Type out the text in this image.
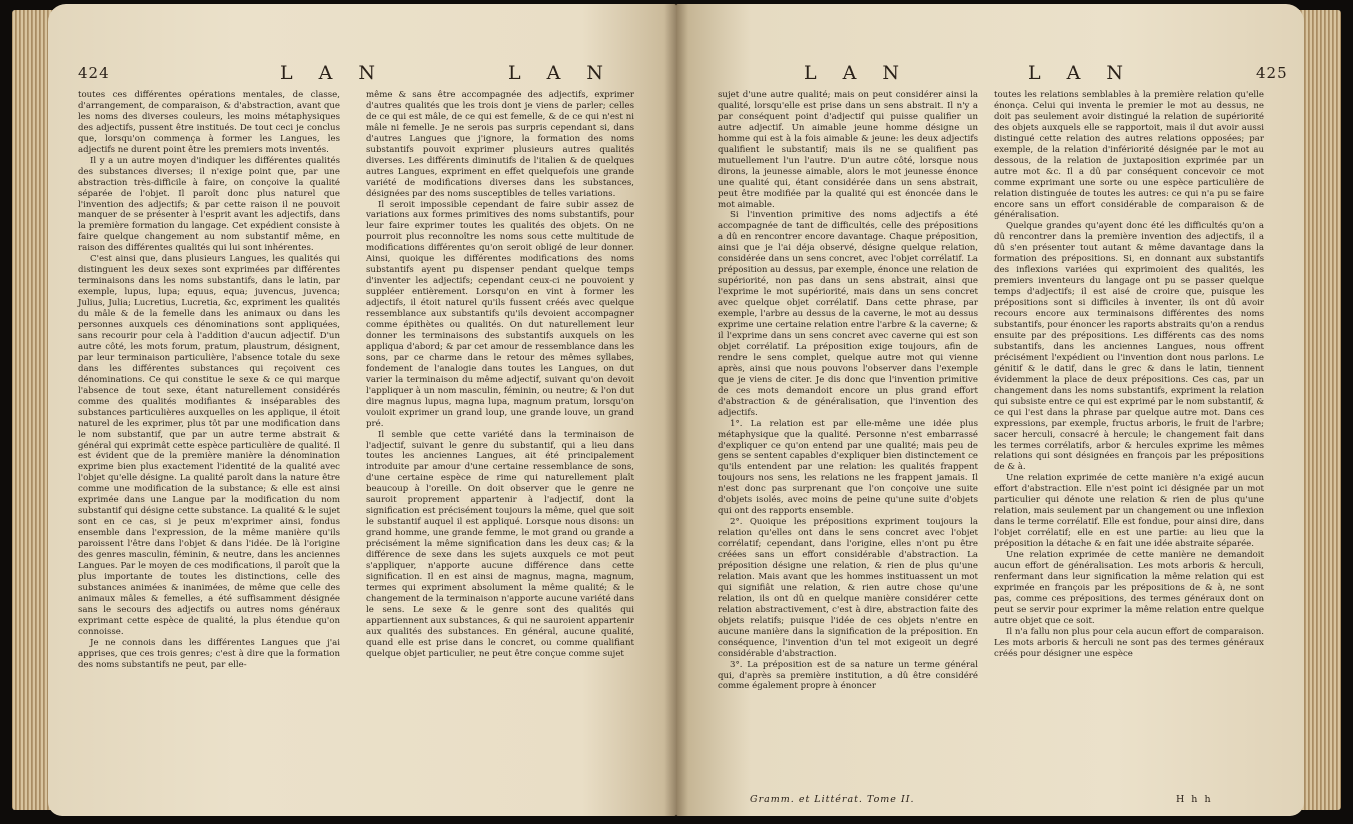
424	L A N	L A N

toutes ces différentes opérations mentales, de classe, d'arrangement, de comparaison, & d'abstraction, avant que les noms des diverses couleurs, les moins métaphysiques des adjectifs, pussent être institués. De tout ceci je conclus que, lorsqu'on commença à former les Langues, les adjectifs ne durent point être les premiers mots inventés.

Il y a un autre moyen d'indiquer les différentes qualités des substances diverses; il n'exige point que, par une abstraction très-difficile à faire, on conçoive la qualité séparée de l'objet. Il paroît donc plus naturel que l'invention des adjectifs; & par cette raison il ne pouvoit manquer de se présenter à l'esprit avant les adjectifs, dans la première formation du langage. Cet expédient consiste à faire quelque changement au nom substantif même, en raison des différentes qualités qui lui sont inhérentes.

C'est ainsi que, dans plusieurs Langues, les qualités qui distinguent les deux sexes sont exprimées par différentes terminaisons dans les noms substantifs, dans le latin, par exemple, lupus, lupa; equus, equa; juvencus, juvenca; Julius, Julia; Lucretius, Lucretia, &c, expriment les qualités du mâle & de la femelle dans les animaux ou dans les personnes auxquels ces dénominations sont appliquées, sans recourir pour cela à l'addition d'aucun adjectif. D'un autre côté, les mots forum, pratum, plaustrum, désignent, par leur terminaison particulière, l'absence totale du sexe dans les différentes substances qui reçoivent ces dénominations. Ce qui constitue le sexe & ce qui marque l'absence de tout sexe, étant naturellement considérés comme des qualités modifiantes & inséparables des substances particulières auxquelles on les applique, il étoit naturel de les exprimer, plus tôt par une modification dans le nom substantif, que par un autre terme abstrait & général qui exprimât cette espèce particulière de qualité. Il est évident que de la première manière la dénomination exprime bien plus exactement l'identité de la qualité avec l'objet qu'elle désigne. La qualité paroît dans la nature être comme une modification de la substance; & elle est ainsi exprimée dans une Langue par la modification du nom substantif qui désigne cette substance. La qualité & le sujet sont en ce cas, si je peux m'exprimer ainsi, fondus ensemble dans l'expression, de la même manière qu'ils paroissent l'être dans l'objet & dans l'idée. De là l'origine des genres masculin, féminin, & neutre, dans les anciennes Langues. Par le moyen de ces modifications, il paroît que la plus importante de toutes les distinctions, celle des substances animées & inanimées, de même que celle des animaux mâles & femelles, a été suffisamment désignée sans le secours des adjectifs ou autres noms généraux exprimant cette espèce de qualité, la plus étendue qu'on connoisse.

Je ne connois dans les différentes Langues que j'ai apprises, que ces trois genres; c'est à dire que la formation des noms substantifs ne peut, par elle-

même & sans être accompagnée des adjectifs, exprimer d'autres qualités que les trois dont je viens de parler; celles de ce qui est mâle, de ce qui est femelle, & de ce qui n'est ni mâle ni femelle. Je ne serois pas surpris cependant si, dans d'autres Langues que j'ignore, la formation des noms substantifs pouvoit exprimer plusieurs autres qualités diverses. Les différents diminutifs de l'italien & de quelques autres Langues, expriment en effet quelquefois une grande variété de modifications diverses dans les substances, désignées par des noms susceptibles de telles variations.

Il seroit impossible cependant de faire subir assez de variations aux formes primitives des noms substantifs, pour leur faire exprimer toutes les qualités des objets. On ne pourroit plus reconnoître les noms sous cette multitude de modifications différentes qu'on seroit obligé de leur donner. Ainsi, quoique les différentes modifications des noms substantifs ayent pu dispenser pendant quelque temps d'inventer les adjectifs; cependant ceux-ci ne pouvoient y suppléer entièrement. Lorsqu'on en vint à former les adjectifs, il étoit naturel qu'ils fussent créés avec quelque ressemblance aux substantifs qu'ils devoient accompagner comme épithètes ou qualités. On dut naturellement leur donner les terminaisons des substantifs auxquels on les appliqua d'abord; & par cet amour de ressemblance dans les sons, par ce charme dans le retour des mêmes syllabes, fondement de l'analogie dans toutes les Langues, on dut varier la terminaison du même adjectif, suivant qu'on devoit l'appliquer à un nom masculin, féminin, ou neutre; & l'on dut dire magnus lupus, magna lupa, magnum pratum, lorsqu'on vouloit exprimer un grand loup, une grande louve, un grand pré.

Il semble que cette variété dans la terminaison de l'adjectif, suivant le genre du substantif, qui a lieu dans toutes les anciennes Langues, ait été principalement introduite par amour d'une certaine ressemblance de sons, d'une certaine espèce de rime qui naturellement plaît beaucoup à l'oreille. On doit observer que le genre ne sauroit proprement appartenir à l'adjectif, dont la signification est précisément toujours la même, quel que soit le substantif auquel il est appliqué. Lorsque nous disons: un grand homme, une grande femme, le mot grand ou grande a précisément la même signification dans les deux cas; & la différence de sexe dans les sujets auxquels ce mot peut s'appliquer, n'apporte aucune différence dans cette signification. Il en est ainsi de magnus, magna, magnum, termes qui expriment absolument la même qualité; & le changement de la terminaison n'apporte aucune variété dans le sens. Le sexe & le genre sont des qualités qui appartiennent aux substances, & qui ne sauroient appartenir aux qualités des substances. En général, aucune qualité, quand elle est prise dans le concret, ou comme qualifiant quelque objet particulier, ne peut être conçue comme sujet

L A N	L A N	425

sujet d'une autre qualité; mais on peut considérer ainsi la qualité, lorsqu'elle est prise dans un sens abstrait. Il n'y a par conséquent point d'adjectif qui puisse qualifier un autre adjectif. Un aimable jeune homme désigne un homme qui est à la fois aimable & jeune: les deux adjectifs qualifient le substantif; mais ils ne se qualifient pas mutuellement l'un l'autre. D'un autre côté, lorsque nous dirons, la jeunesse aimable, alors le mot jeunesse énonce une qualité qui, étant considérée dans un sens abstrait, peut être modifiée par la qualité qui est énoncée dans le mot aimable.

Si l'invention primitive des noms adjectifs a été accompagnée de tant de difficultés, celle des prépositions a dû en rencontrer encore davantage. Chaque préposition, ainsi que je l'ai déja observé, désigne quelque relation, considérée dans un sens concret, avec l'objet corrélatif. La préposition au dessus, par exemple, énonce une relation de supériorité, non pas dans un sens abstrait, ainsi que l'exprime le mot supériorité, mais dans un sens concret avec quelque objet corrélatif. Dans cette phrase, par exemple, l'arbre au dessus de la caverne, le mot au dessus exprime une certaine relation entre l'arbre & la caverne; & il l'exprime dans un sens concret avec caverne qui est son objet corrélatif. La préposition exige toujours, afin de rendre le sens complet, quelque autre mot qui vienne après, ainsi que nous pouvons l'observer dans l'exemple que je viens de citer. Je dis donc que l'invention primitive de ces mots demandoit encore un plus grand effort d'abstraction & de généralisation, que l'invention des adjectifs.

1°. La relation est par elle-même une idée plus métaphysique que la qualité. Personne n'est embarrassé d'expliquer ce qu'on entend par une qualité; mais peu de gens se sentent capables d'expliquer bien distinctement ce qu'ils entendent par une relation: les qualités frappent toujours nos sens, les relations ne les frappent jamais. Il n'est donc pas surprenant que l'on conçoive une suite d'objets isolés, avec moins de peine qu'une suite d'objets qui ont des rapports ensemble.

2°. Quoique les prépositions expriment toujours la relation qu'elles ont dans le sens concret avec l'objet corrélatif; cependant, dans l'origine, elles n'ont pu être créées sans un effort considérable d'abstraction. La préposition désigne une relation, & rien de plus qu'une relation. Mais avant que les hommes instituassent un mot qui signifiât une relation, & rien autre chose qu'une relation, ils ont dû en quelque manière considérer cette relation abstractivement, c'est à dire, abstraction faite des objets relatifs; puisque l'idée de ces objets n'entre en aucune manière dans la signification de la préposition. En conséquence, l'invention d'un tel mot exigeoit un degré considérable d'abstraction.

3°. La préposition est de sa nature un terme général qui, d'après sa première institution, a dû être considéré comme également propre à énoncer

toutes les relations semblables à la première relation qu'elle énonça. Celui qui inventa le premier le mot au dessus, ne doit pas seulement avoir distingué la relation de supériorité des objets auxquels elle se rapportoit, mais il dut avoir aussi distingué cette relation des autres relations opposées; par exemple, de la relation d'infériorité désignée par le mot au dessous, de la relation de juxtaposition exprimée par un autre mot &c. Il a dû par conséquent concevoir ce mot comme exprimant une sorte ou une espèce particulière de relation distinguée de toutes les autres: ce qui n'a pu se faire encore sans un effort considérable de comparaison & de généralisation.

Quelque grandes qu'ayent donc été les difficultés qu'on a dû rencontrer dans la première invention des adjectifs, il a dû s'en présenter tout autant & même davantage dans la formation des prépositions. Si, en donnant aux substantifs des inflexions variées qui exprimoient des qualités, les premiers inventeurs du langage ont pu se passer quelque temps d'adjectifs; il est aisé de croire que, puisque les prépositions sont si difficiles à inventer, ils ont dû avoir recours encore aux terminaisons différentes des noms substantifs, pour énoncer les raports abstraits qu'on a rendus ensuite par des prépositions. Les différents cas des noms substantifs, dans les anciennes Langues, nous offrent précisément l'expédient ou l'invention dont nous parlons. Le génitif & le datif, dans le grec & dans le latin, tiennent évidemment la place de deux prépositions. Ces cas, par un changement dans les noms substantifs, expriment la relation qui subsiste entre ce qui est exprimé par le nom substantif, & ce qui l'est dans la phrase par quelque autre mot. Dans ces expressions, par exemple, fructus arboris, le fruit de l'arbre; sacer herculi, consacré à hercule; le changement fait dans les termes corrélatifs, arbor & hercules exprime les mêmes relations qui sont désignées en françois par les prépositions de & à.

Une relation exprimée de cette manière n'a exigé aucun effort d'abstraction. Elle n'est point ici désignée par un mot particulier qui dénote une relation & rien de plus qu'une relation, mais seulement par un changement ou une inflexion dans le terme corrélatif. Elle est fondue, pour ainsi dire, dans l'objet corrélatif; elle en est une partie: au lieu que la préposition la détache & en fait une idée abstraite séparée.

Une relation exprimée de cette manière ne demandoit aucun effort de généralisation. Les mots arboris & herculi, renfermant dans leur signification la même relation qui est exprimée en françois par les prépositions de & à, ne sont pas, comme ces prépositions, des termes généraux dont on peut se servir pour exprimer la même relation entre quelque autre objet que ce soit.

Il n'a fallu non plus pour cela aucun effort de comparaison. Les mots arboris & herculi ne sont pas des termes généraux créés pour désigner une espèce

Gramm. et Littérat. Tome II.	H h h
